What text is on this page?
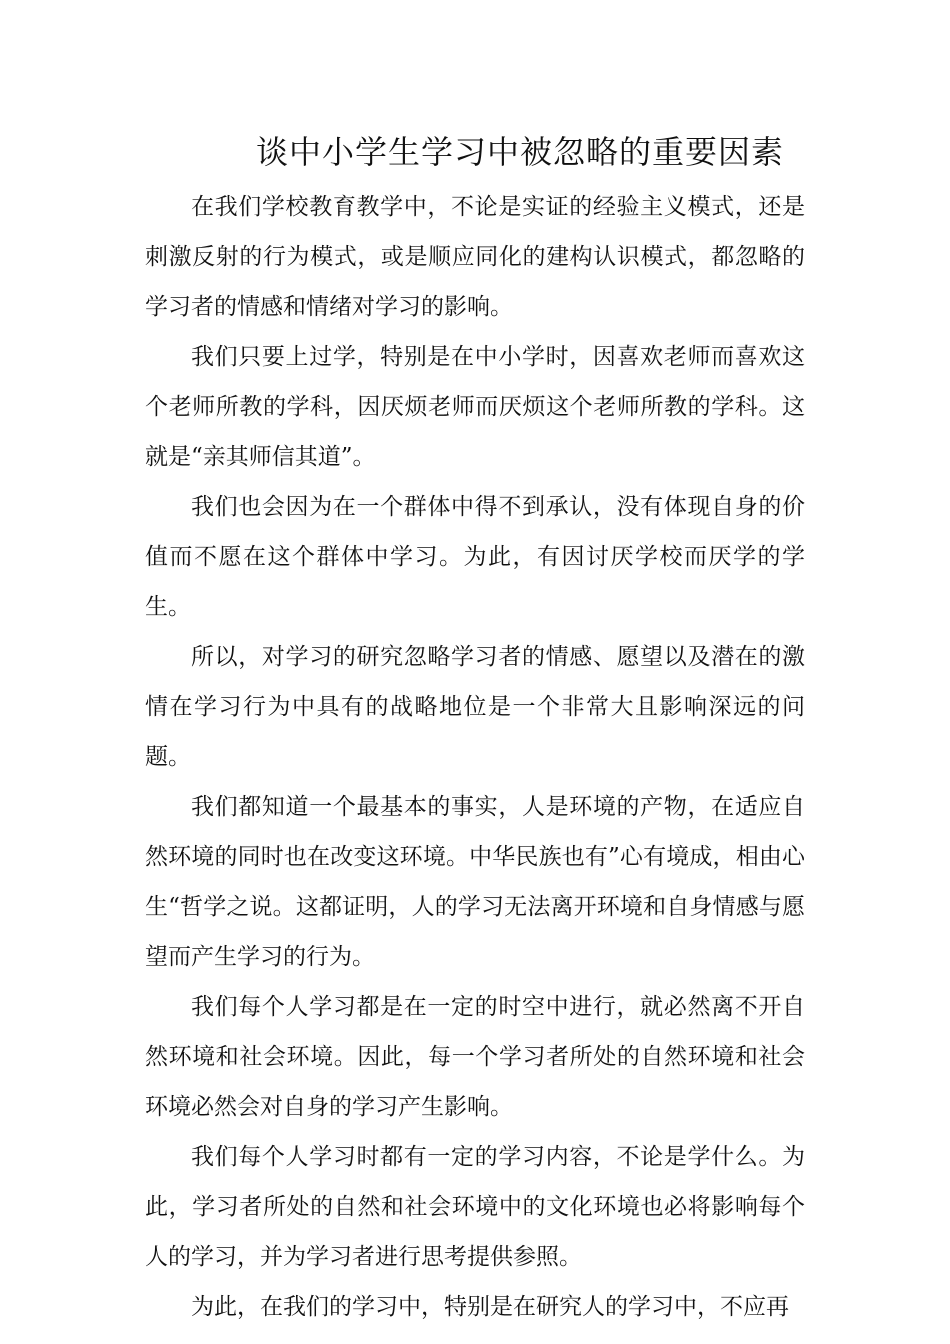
谈中小学生学习中被忽略的重要因素

在我们学校教育教学中，不论是实证的经验主义模式，还是刺激反射的行为模式，或是顺应同化的建构认识模式，都忽略的学习者的情感和情绪对学习的影响。

我们只要上过学，特别是在中小学时，因喜欢老师而喜欢这个老师所教的学科，因厌烦老师而厌烦这个老师所教的学科。这就是“亲其师信其道”。

我们也会因为在一个群体中得不到承认，没有体现自身的价值而不愿在这个群体中学习。为此，有因讨厌学校而厌学的学生。

所以，对学习的研究忽略学习者的情感、愿望以及潜在的激情在学习行为中具有的战略地位是一个非常大且影响深远的问题。

我们都知道一个最基本的事实，人是环境的产物，在适应自然环境的同时也在改变这环境。中华民族也有”心有境成，相由心生“哲学之说。这都证明，人的学习无法离开环境和自身情感与愿望而产生学习的行为。

我们每个人学习都是在一定的时空中进行，就必然离不开自然环境和社会环境。因此，每一个学习者所处的自然环境和社会环境必然会对自身的学习产生影响。

我们每个人学习时都有一定的学习内容，不论是学什么。为此，学习者所处的自然和社会环境中的文化环境也必将影响每个人的学习，并为学习者进行思考提供参照。

为此，在我们的学习中，特别是在研究人的学习中，不应再
